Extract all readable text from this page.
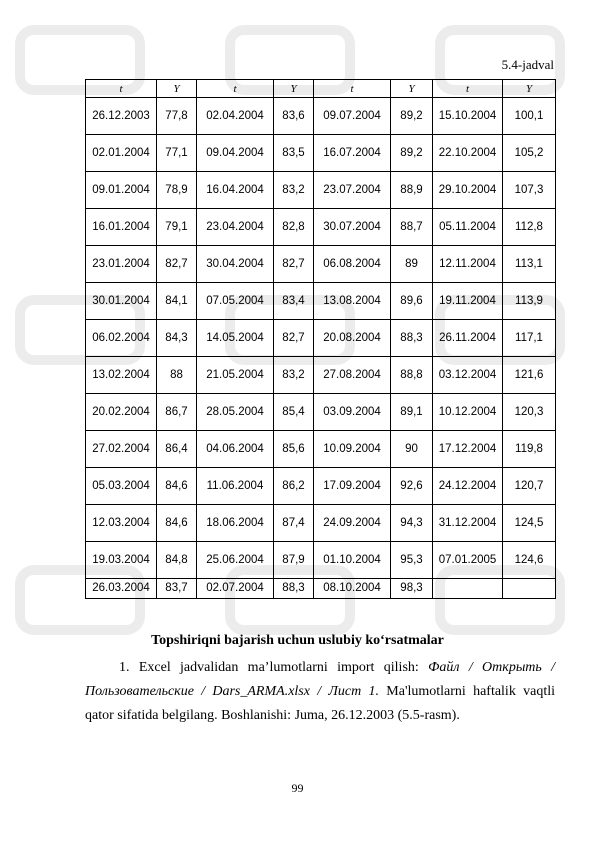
5.4-jadval
t	Y	t	Y	t	Y	t	Y
26.12.2003	77,8	02.04.2004	83,6	09.07.2004	89,2	15.10.2004	100,1
02.01.2004	77,1	09.04.2004	83,5	16.07.2004	89,2	22.10.2004	105,2
09.01.2004	78,9	16.04.2004	83,2	23.07.2004	88,9	29.10.2004	107,3
16.01.2004	79,1	23.04.2004	82,8	30.07.2004	88,7	05.11.2004	112,8
23.01.2004	82,7	30.04.2004	82,7	06.08.2004	89	12.11.2004	113,1
30.01.2004	84,1	07.05.2004	83,4	13.08.2004	89,6	19.11.2004	113,9
06.02.2004	84,3	14.05.2004	82,7	20.08.2004	88,3	26.11.2004	117,1
13.02.2004	88	21.05.2004	83,2	27.08.2004	88,8	03.12.2004	121,6
20.02.2004	86,7	28.05.2004	85,4	03.09.2004	89,1	10.12.2004	120,3
27.02.2004	86,4	04.06.2004	85,6	10.09.2004	90	17.12.2004	119,8
05.03.2004	84,6	11.06.2004	86,2	17.09.2004	92,6	24.12.2004	120,7
12.03.2004	84,6	18.06.2004	87,4	24.09.2004	94,3	31.12.2004	124,5
19.03.2004	84,8	25.06.2004	87,9	01.10.2004	95,3	07.01.2005	124,6
26.03.2004	83,7	02.07.2004	88,3	08.10.2004	98,3		
Topshiriqni bajarish uchun uslubiy ko‘rsatmalar
1. Excel jadvalidan ma’lumotlarni import qilish: Файл / Открыть / Пользовательские / Dars_ARMA.xlsx / Лист 1. Ma'lumotlarni haftalik vaqtli qator sifatida belgilang. Boshlanishi: Juma, 26.12.2003 (5.5-rasm).
99
